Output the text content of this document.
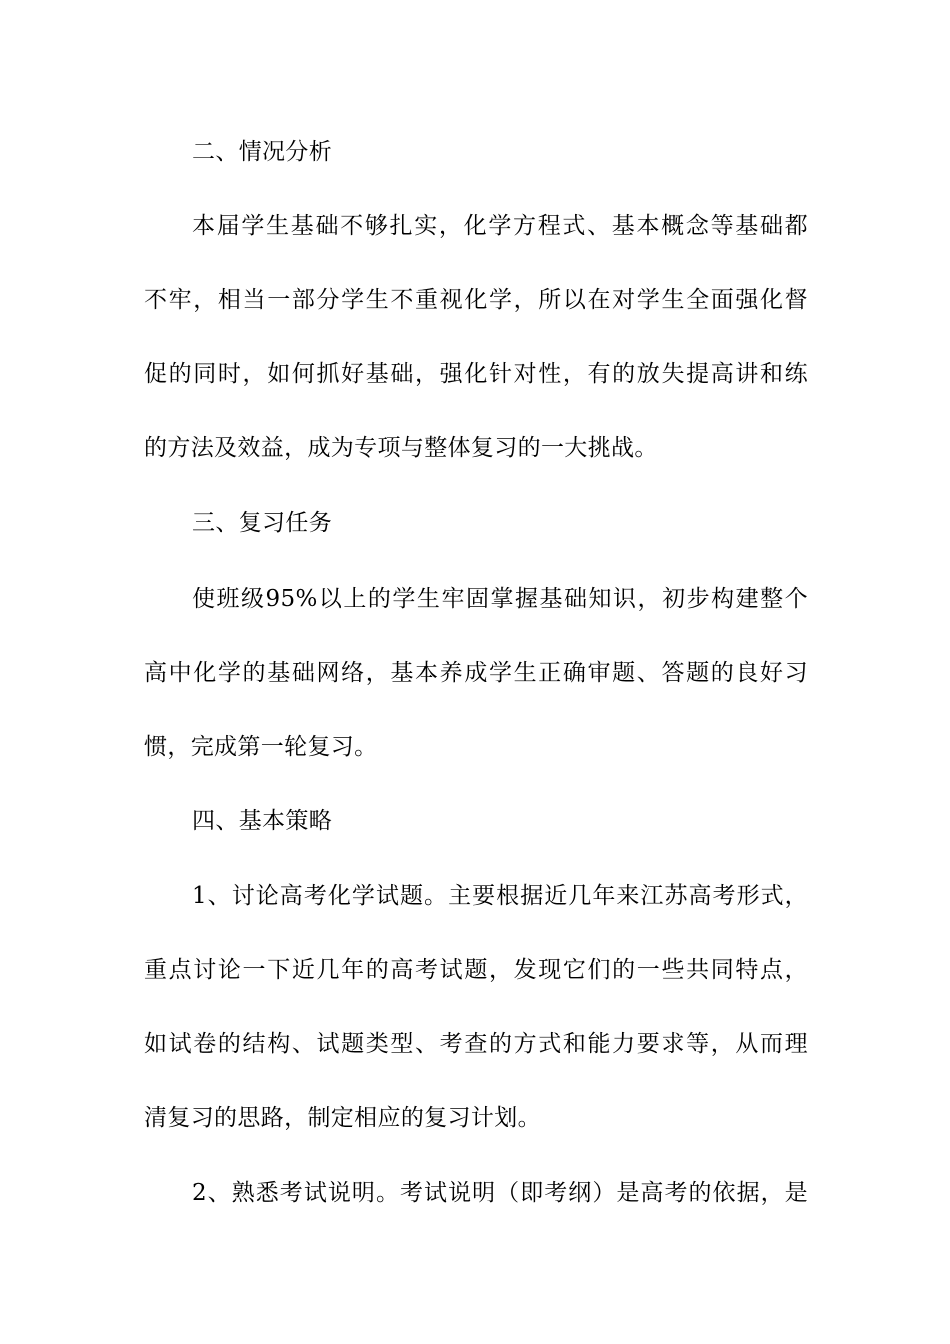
二、情况分析
本届学生基础不够扎实，化学方程式、基本概念等基础都
不牢，相当一部分学生不重视化学，所以在对学生全面强化督
促的同时，如何抓好基础，强化针对性，有的放失提高讲和练
的方法及效益，成为专项与整体复习的一大挑战。
三、复习任务
使班级95%以上的学生牢固掌握基础知识，初步构建整个
高中化学的基础网络，基本养成学生正确审题、答题的良好习
惯，完成第一轮复习。
四、基本策略
1、讨论高考化学试题。主要根据近几年来江苏高考形式，
重点讨论一下近几年的高考试题，发现它们的一些共同特点，
如试卷的结构、试题类型、考查的方式和能力要求等，从而理
清复习的思路，制定相应的复习计划。
2、熟悉考试说明。考试说明（即考纲）是高考的依据，是
